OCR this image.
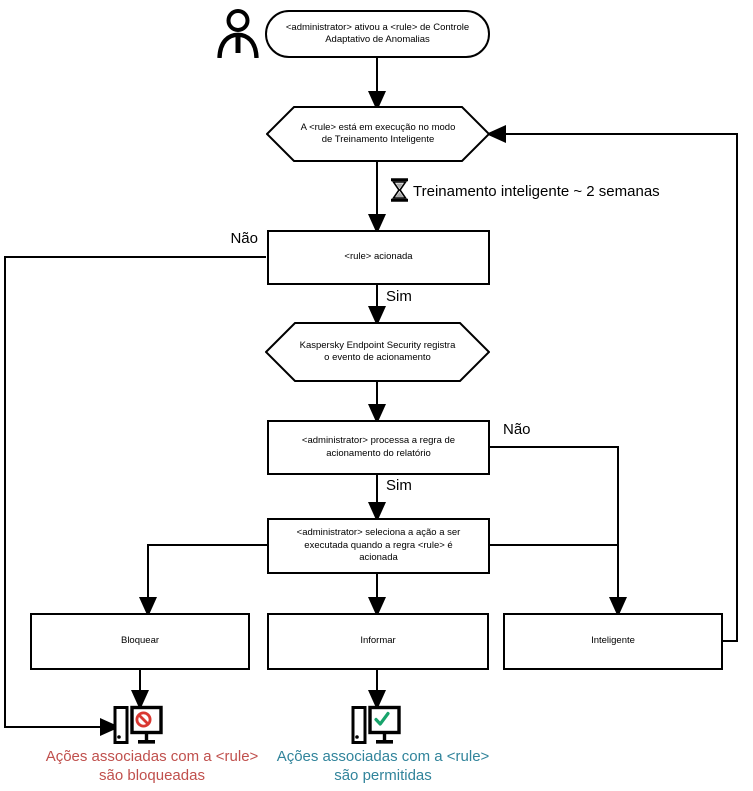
<administrator> ativou a <rule> de Controle Adaptativo de Anomalias
A <rule> está em execução no modo de Treinamento Inteligente
Treinamento inteligente ~ 2 semanas
<rule> acionada
Não
Sim
Kaspersky Endpoint Security registra o evento de acionamento
<administrator> processa a regra de acionamento do relatório
Não
Sim
<administrator> seleciona a ação a ser executada quando a regra <rule> é acionada
Bloquear	Informar	Inteligente
Ações associadas com a <rule>
são bloqueadas
Ações associadas com a <rule>
são permitidas
